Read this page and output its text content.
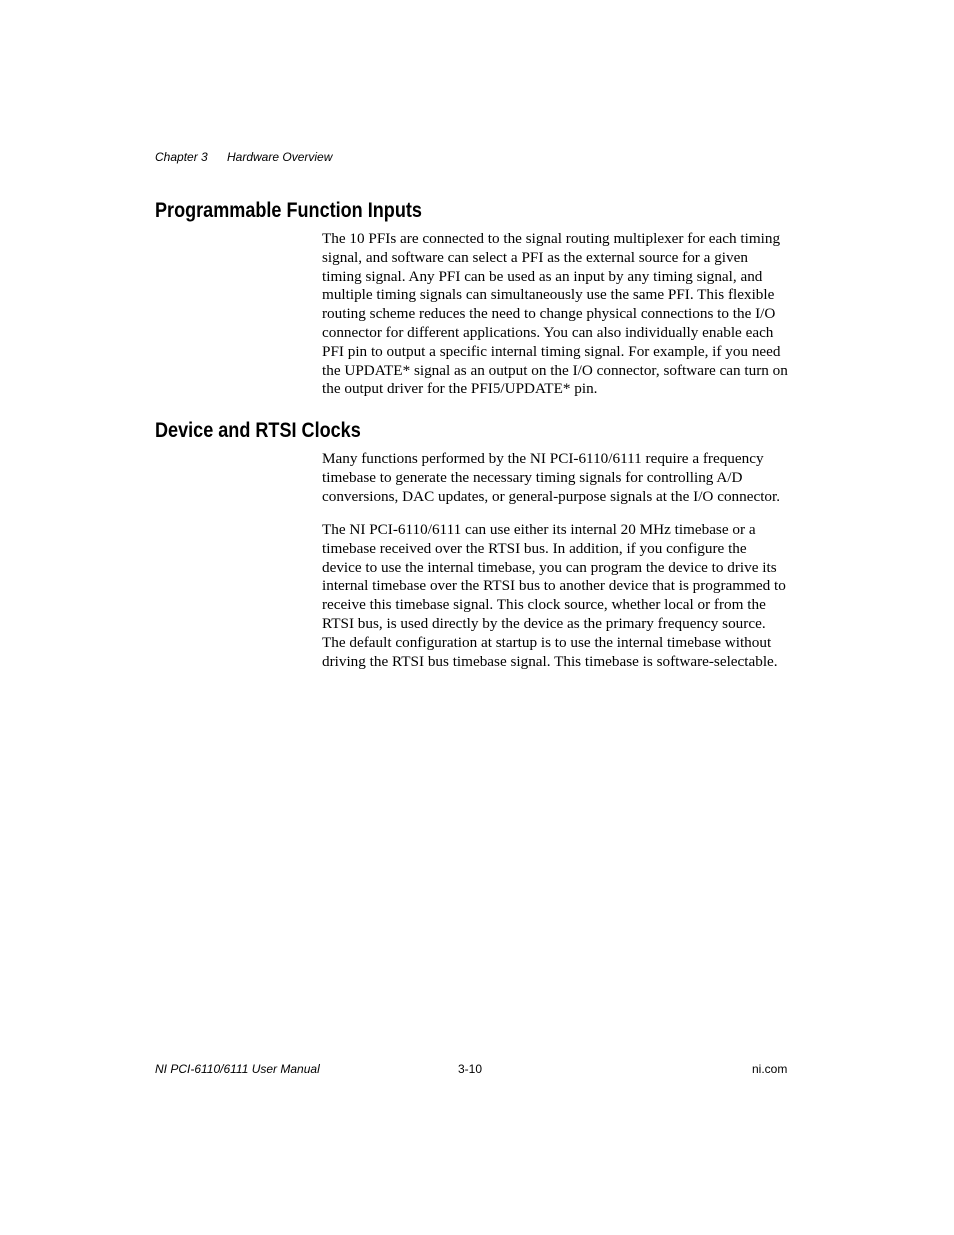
Chapter 3 Hardware Overview
Programmable Function Inputs

The 10 PFIs are connected to the signal routing multiplexer for each timing signal, and software can select a PFI as the external source for a given timing signal. Any PFI can be used as an input by any timing signal, and multiple timing signals can simultaneously use the same PFI. This flexible routing scheme reduces the need to change physical connections to the I/O connector for different applications. You can also individually enable each PFI pin to output a specific internal timing signal. For example, if you need the UPDATE* signal as an output on the I/O connector, software can turn on the output driver for the PFI5/UPDATE* pin.

Device and RTSI Clocks

Many functions performed by the NI PCI-6110/6111 require a frequency timebase to generate the necessary timing signals for controlling A/D conversions, DAC updates, or general-purpose signals at the I/O connector.

The NI PCI-6110/6111 can use either its internal 20 MHz timebase or a timebase received over the RTSI bus. In addition, if you configure the device to use the internal timebase, you can program the device to drive its internal timebase over the RTSI bus to another device that is programmed to receive this timebase signal. This clock source, whether local or from the RTSI bus, is used directly by the device as the primary frequency source. The default configuration at startup is to use the internal timebase without driving the RTSI bus timebase signal. This timebase is software-selectable.

NI PCI-6110/6111 User Manual	3-10	ni.com
